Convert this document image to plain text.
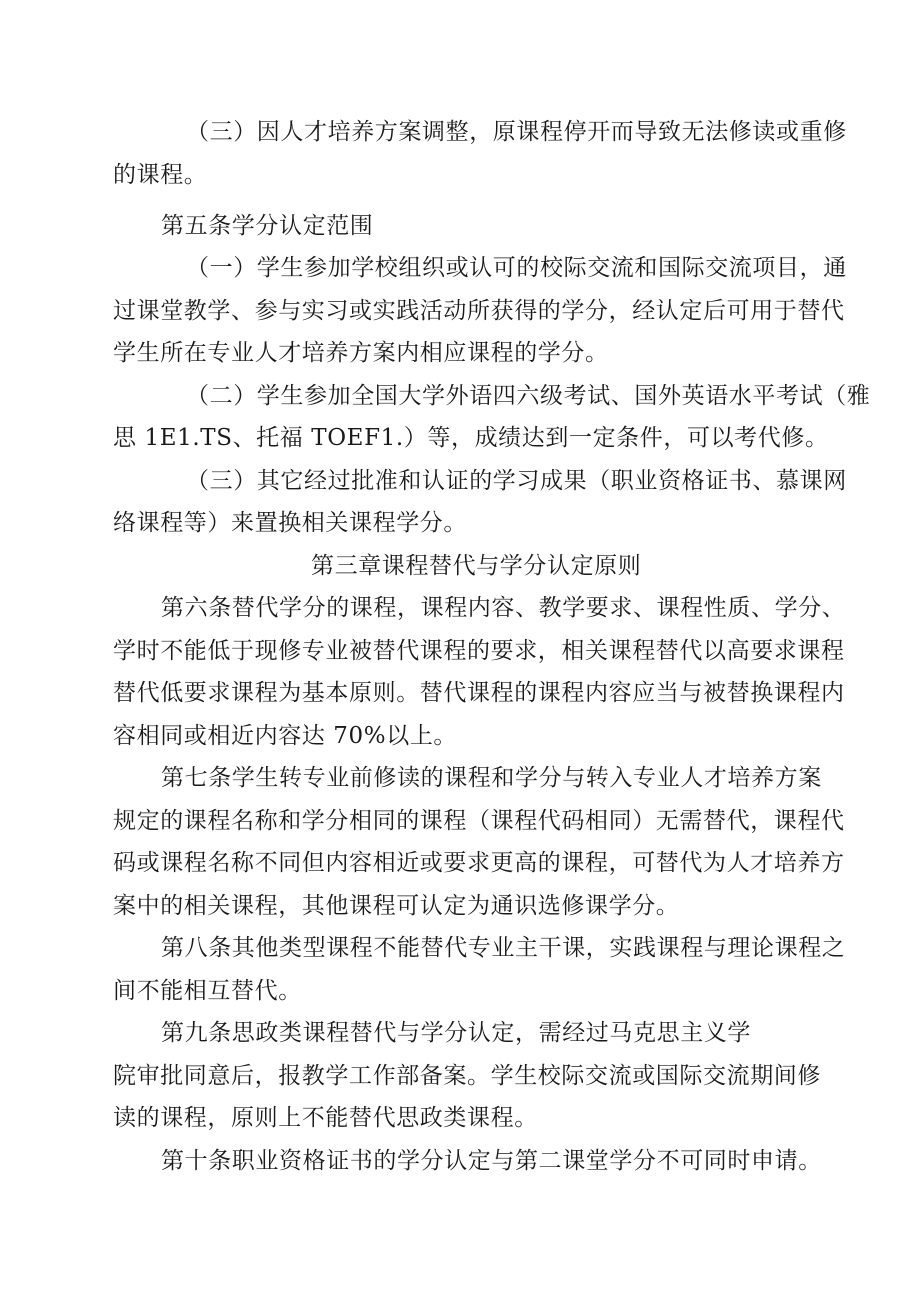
（三）因人才培养方案调整，原课程停开而导致无法修读或重修
的课程。
第五条学分认定范围
（一）学生参加学校组织或认可的校际交流和国际交流项目，通
过课堂教学、参与实习或实践活动所获得的学分，经认定后可用于替代
学生所在专业人才培养方案内相应课程的学分。
（二）学生参加全国大学外语四六级考试、国外英语水平考试（雅
思 1E1.TS、托福 TOEF1.）等，成绩达到一定条件，可以考代修。
（三）其它经过批准和认证的学习成果（职业资格证书、慕课网
络课程等）来置换相关课程学分。
第三章课程替代与学分认定原则
第六条替代学分的课程，课程内容、教学要求、课程性质、学分、
学时不能低于现修专业被替代课程的要求，相关课程替代以高要求课程
替代低要求课程为基本原则。替代课程的课程内容应当与被替换课程内
容相同或相近内容达 70%以上。
第七条学生转专业前修读的课程和学分与转入专业人才培养方案
规定的课程名称和学分相同的课程（课程代码相同）无需替代，课程代
码或课程名称不同但内容相近或要求更高的课程，可替代为人才培养方
案中的相关课程，其他课程可认定为通识选修课学分。
第八条其他类型课程不能替代专业主干课，实践课程与理论课程之
间不能相互替代。
第九条思政类课程替代与学分认定，需经过马克思主义学
院审批同意后，报教学工作部备案。学生校际交流或国际交流期间修
读的课程，原则上不能替代思政类课程。
第十条职业资格证书的学分认定与第二课堂学分不可同时申请。
